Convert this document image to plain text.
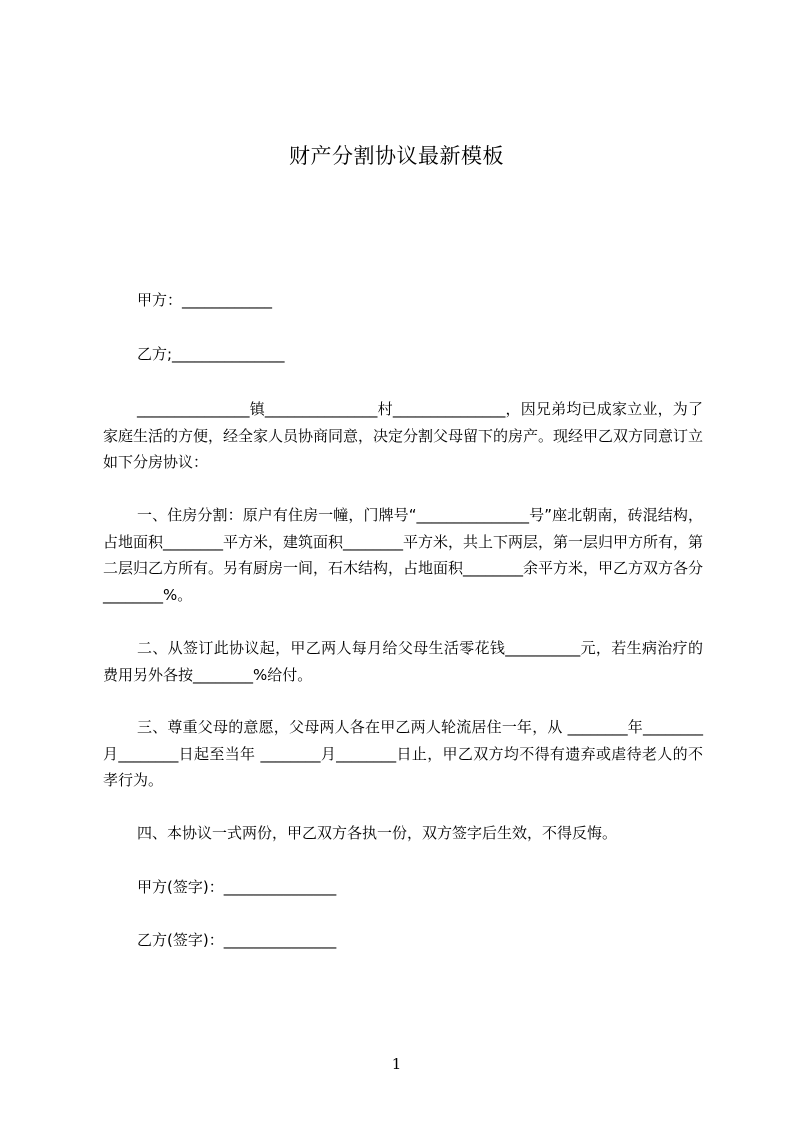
财产分割协议最新模板
甲方：____________
乙方;_______________
_______________镇_______________村_______________，因兄弟均已成家立业，为了家庭生活的方便，经全家人员协商同意，决定分割父母留下的房产。现经甲乙双方同意订立如下分房协议：
一、住房分割：原户有住房一幢，门牌号“_______________号”座北朝南，砖混结构，占地面积________平方米，建筑面积________平方米，共上下两层，第一层归甲方所有，第二层归乙方所有。另有厨房一间，石木结构，占地面积________余平方米，甲乙方双方各分________%。
二、从签订此协议起，甲乙两人每月给父母生活零花钱__________元，若生病治疗的费用另外各按________%给付。
三、尊重父母的意愿，父母两人各在甲乙两人轮流居住一年，从 ________年________月________日起至当年 ________月________日止，甲乙双方均不得有遗弃或虐待老人的不孝行为。
四、本协议一式两份，甲乙双方各执一份，双方签字后生效，不得反悔。
甲方(签字)：_______________
乙方(签字)：_______________
1
